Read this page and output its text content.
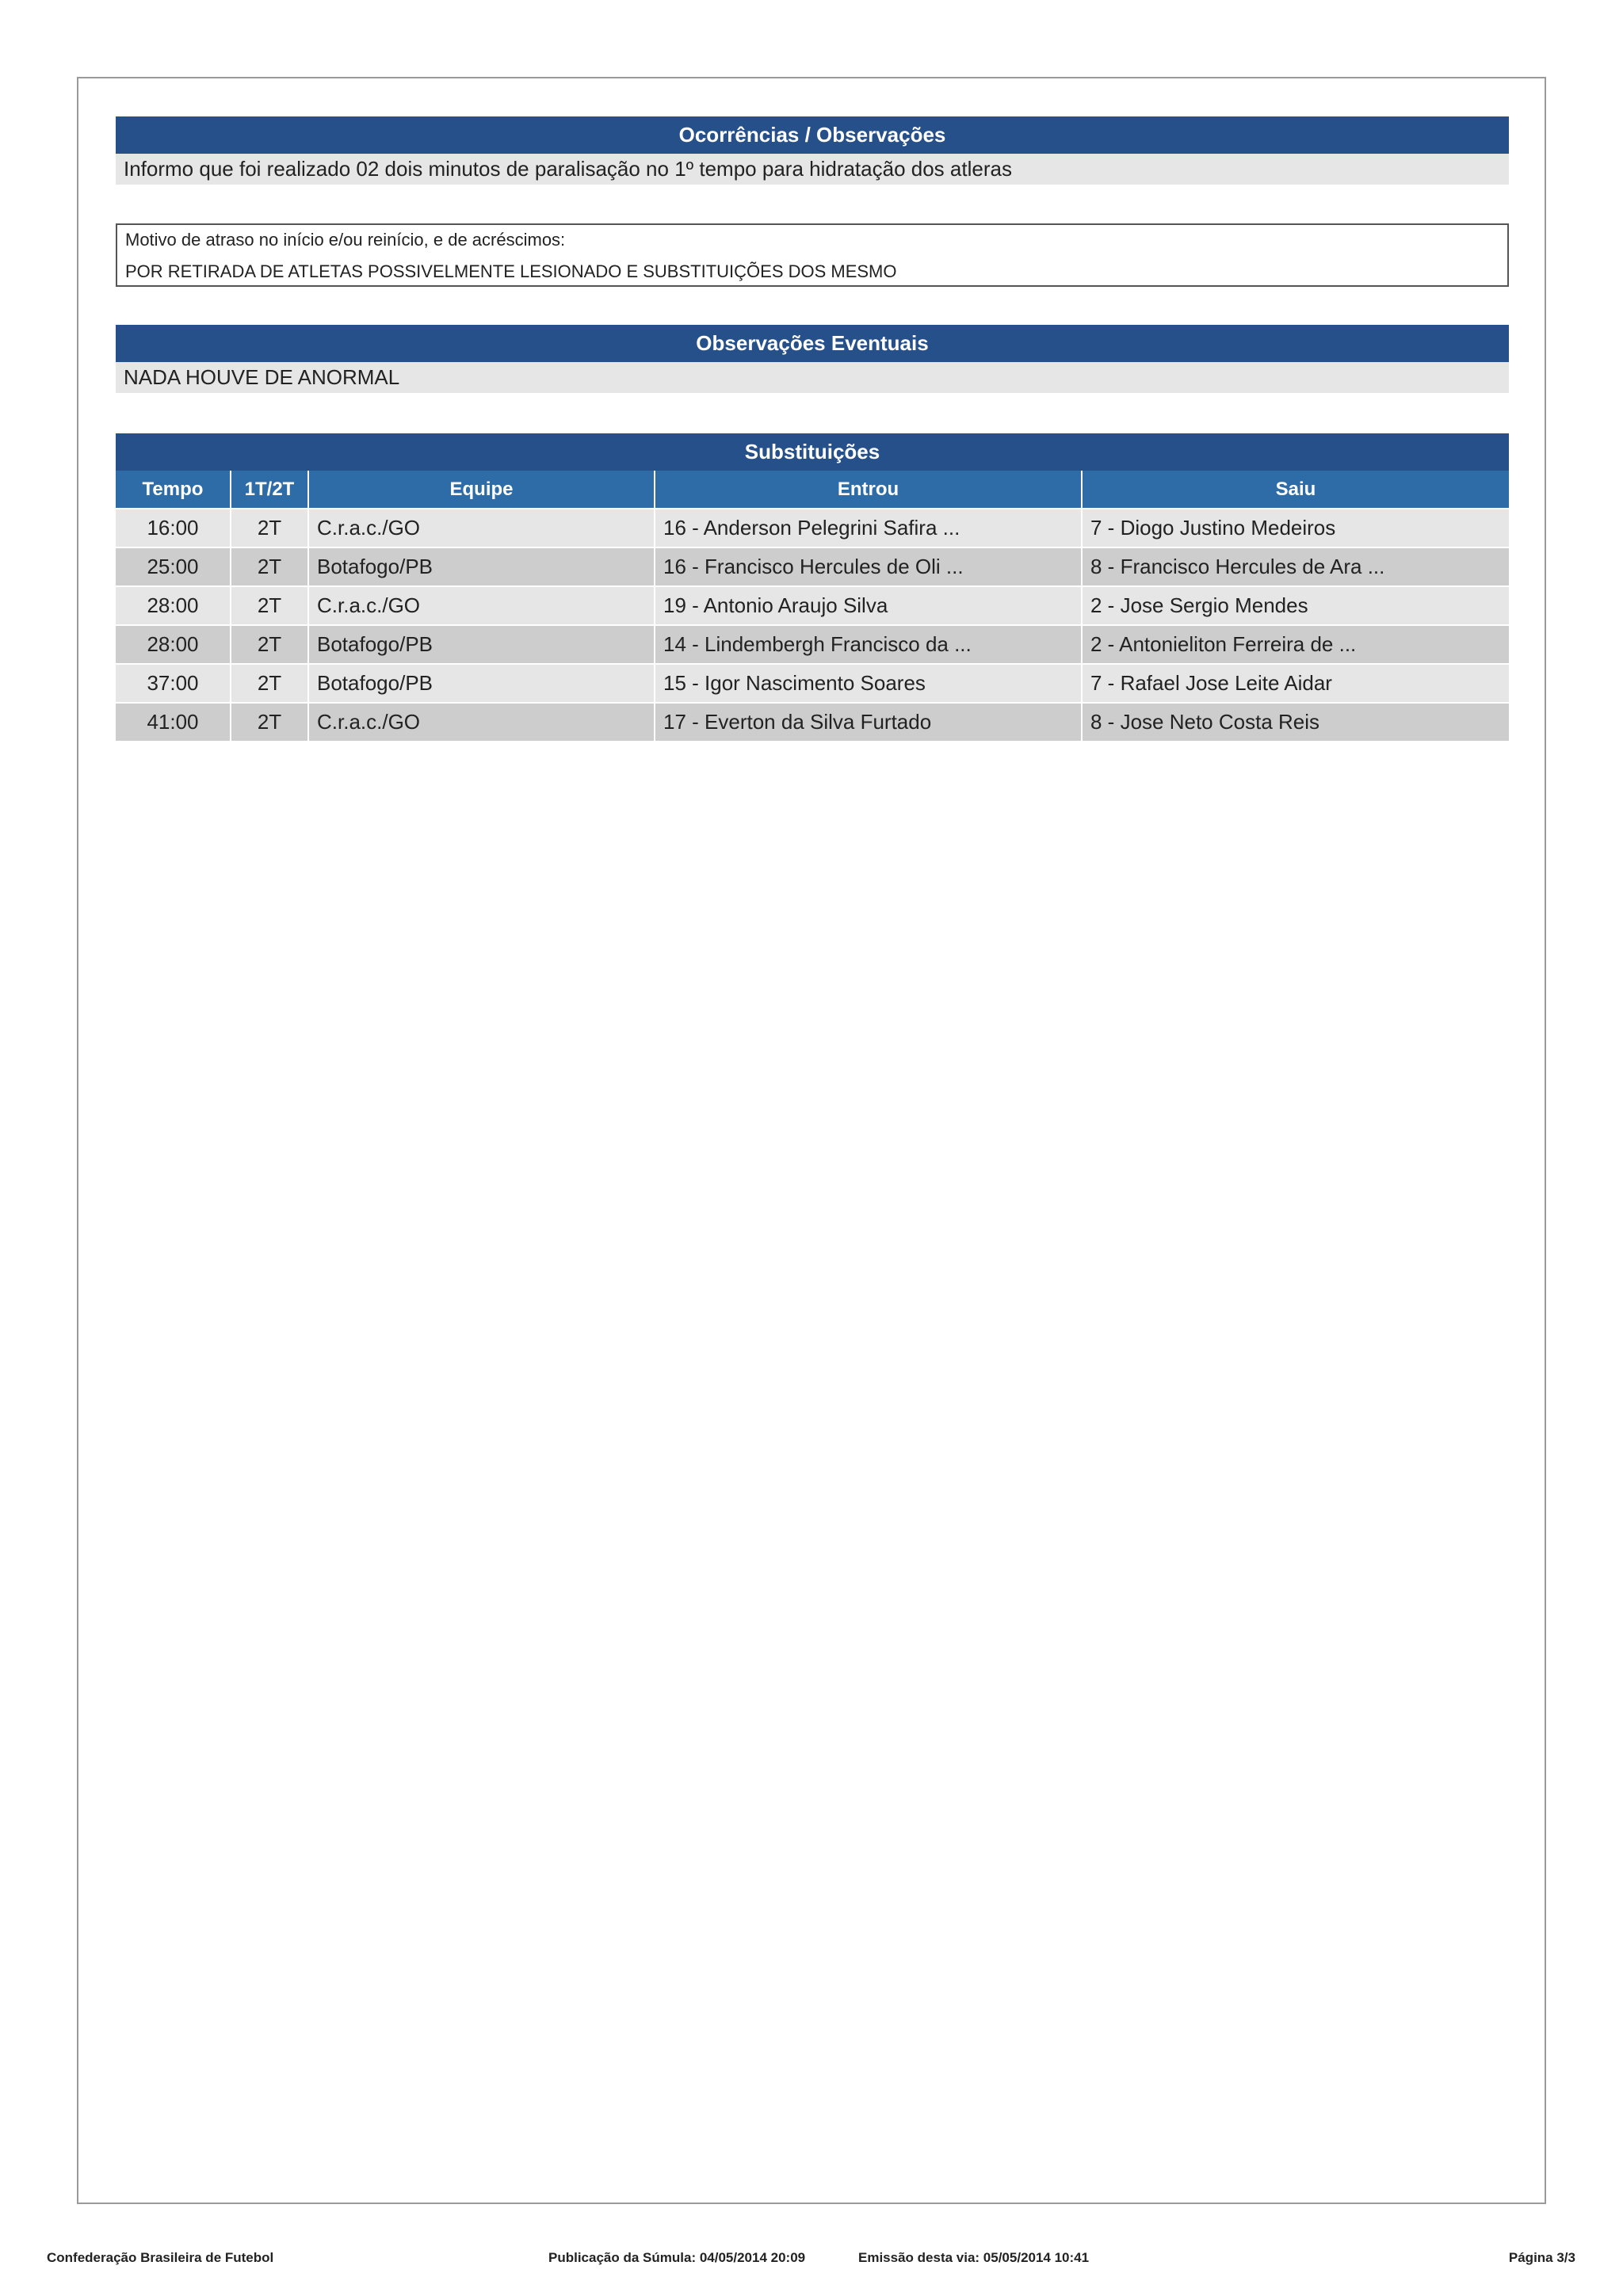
Ocorrências / Observações
Informo que foi realizado 02 dois minutos de paralisação no 1º tempo para hidratação dos atleras
Motivo de atraso no início e/ou reinício, e de acréscimos:
POR RETIRADA DE ATLETAS POSSIVELMENTE LESIONADO E SUBSTITUIÇÕES DOS MESMO
Observações Eventuais
NADA HOUVE DE ANORMAL
Substituições
Tempo	1T/2T	Equipe	Entrou	Saiu
16:00	2T	C.r.a.c./GO	16 - Anderson Pelegrini Safira ...	7 - Diogo Justino Medeiros
25:00	2T	Botafogo/PB	16 - Francisco Hercules de Oli ...	8 - Francisco Hercules de Ara ...
28:00	2T	C.r.a.c./GO	19 - Antonio Araujo Silva	2 - Jose Sergio Mendes
28:00	2T	Botafogo/PB	14 - Lindembergh Francisco da ...	2 - Antonieliton Ferreira de ...
37:00	2T	Botafogo/PB	15 - Igor Nascimento Soares	7 - Rafael Jose Leite Aidar
41:00	2T	C.r.a.c./GO	17 - Everton da Silva Furtado	8 - Jose Neto Costa Reis
Confederação Brasileira de Futebol	Publicação da Súmula: 04/05/2014 20:09	Emissão desta via: 05/05/2014 10:41	Página 3/3
